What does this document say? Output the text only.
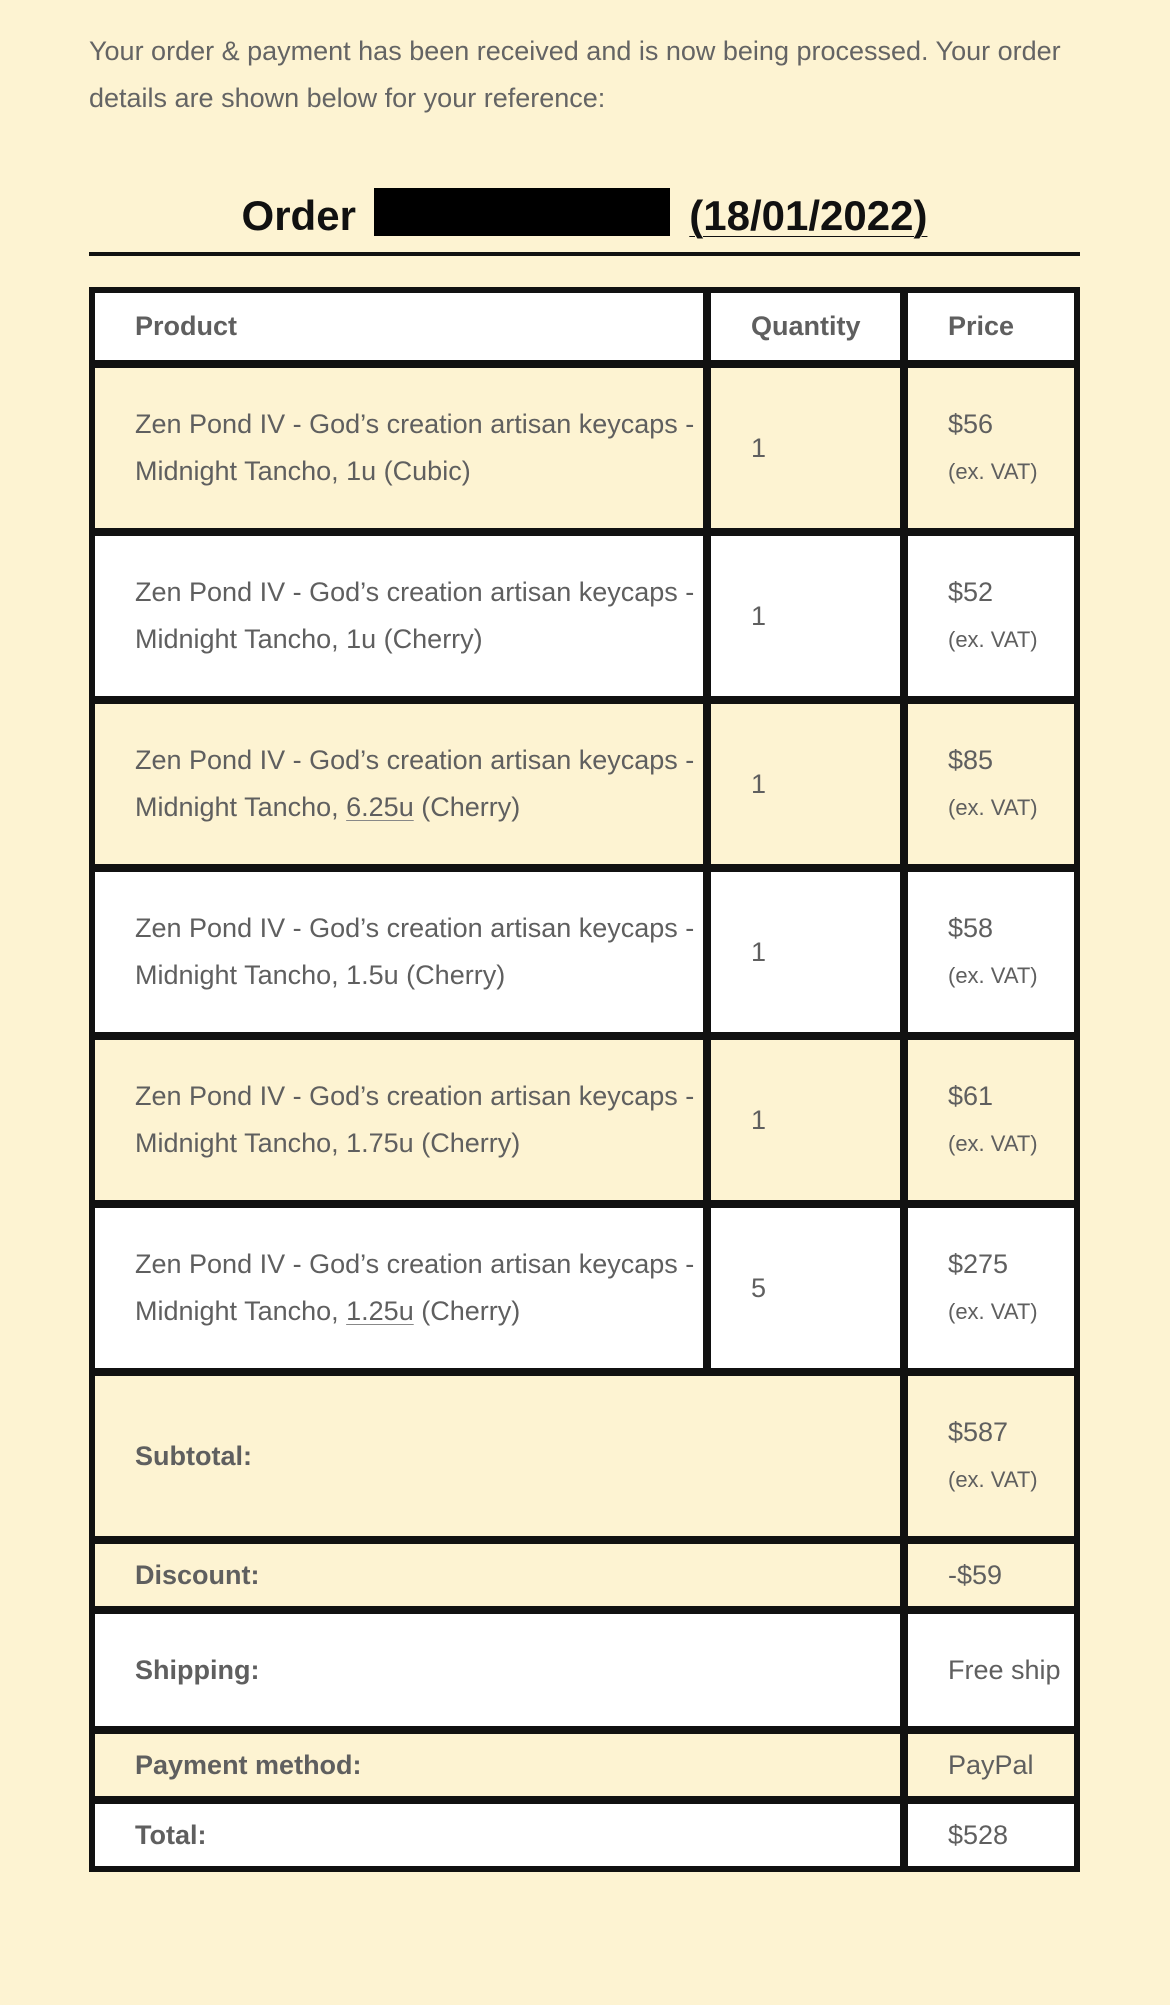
Your order & payment has been received and is now being processed. Your order details are shown below for your reference:

Order	(18/01/2022)
Product	Quantity	Price
Zen Pond IV - God’s creation artisan keycaps - Midnight Tancho, 1u (Cubic)	1	$56
(ex. VAT)

Zen Pond IV - God’s creation artisan keycaps - Midnight Tancho, 1u (Cherry)	1	$52
(ex. VAT)

Zen Pond IV - God’s creation artisan keycaps - Midnight Tancho, 6.25u (Cherry)	1	$85
(ex. VAT)

Zen Pond IV - God’s creation artisan keycaps - Midnight Tancho, 1.5u (Cherry)	1	$58
(ex. VAT)

Zen Pond IV - God’s creation artisan keycaps - Midnight Tancho, 1.75u (Cherry)	1	$61
(ex. VAT)

Zen Pond IV - God’s creation artisan keycaps - Midnight Tancho, 1.25u (Cherry)	5	$275
(ex. VAT)

Subtotal:		$587
(ex. VAT)

Discount:		-$59
Shipping:		Free ship
Payment method:		PayPal
Total:		$528
